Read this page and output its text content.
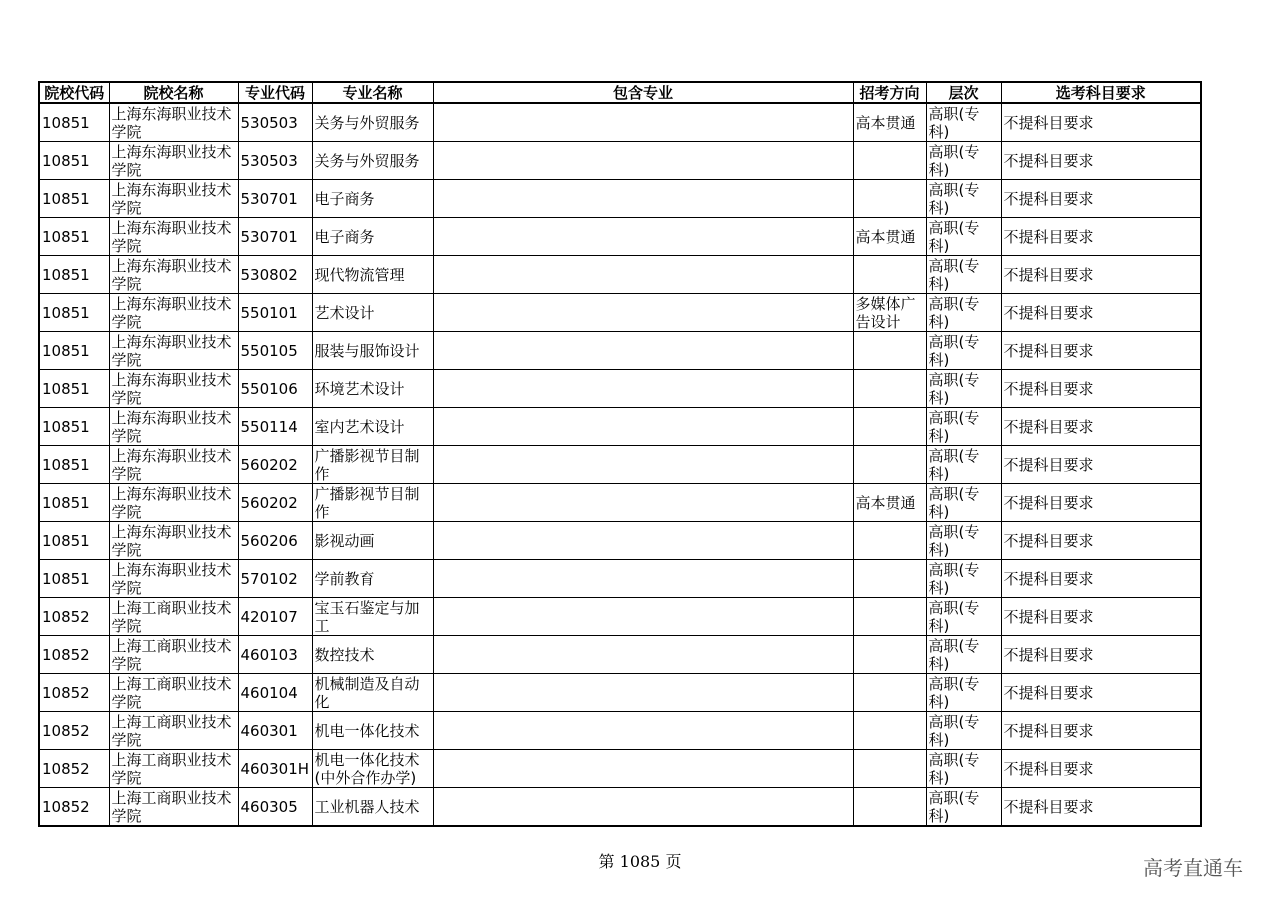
院校代码	院校名称	专业代码	专业名称	包含专业	招考方向	层次	选考科目要求
10851	上海东海职业技术学院	530503	关务与外贸服务		高本贯通	高职(专科)	不提科目要求
10851	上海东海职业技术学院	530503	关务与外贸服务			高职(专科)	不提科目要求
10851	上海东海职业技术学院	530701	电子商务			高职(专科)	不提科目要求
10851	上海东海职业技术学院	530701	电子商务		高本贯通	高职(专科)	不提科目要求
10851	上海东海职业技术学院	530802	现代物流管理			高职(专科)	不提科目要求
10851	上海东海职业技术学院	550101	艺术设计		多媒体广告设计	高职(专科)	不提科目要求
10851	上海东海职业技术学院	550105	服装与服饰设计			高职(专科)	不提科目要求
10851	上海东海职业技术学院	550106	环境艺术设计			高职(专科)	不提科目要求
10851	上海东海职业技术学院	550114	室内艺术设计			高职(专科)	不提科目要求
10851	上海东海职业技术学院	560202	广播影视节目制作			高职(专科)	不提科目要求
10851	上海东海职业技术学院	560202	广播影视节目制作		高本贯通	高职(专科)	不提科目要求
10851	上海东海职业技术学院	560206	影视动画			高职(专科)	不提科目要求
10851	上海东海职业技术学院	570102	学前教育			高职(专科)	不提科目要求
10852	上海工商职业技术学院	420107	宝玉石鉴定与加工			高职(专科)	不提科目要求
10852	上海工商职业技术学院	460103	数控技术			高职(专科)	不提科目要求
10852	上海工商职业技术学院	460104	机械制造及自动化			高职(专科)	不提科目要求
10852	上海工商职业技术学院	460301	机电一体化技术			高职(专科)	不提科目要求
10852	上海工商职业技术学院	460301H	机电一体化技术(中外合作办学)			高职(专科)	不提科目要求
10852	上海工商职业技术学院	460305	工业机器人技术			高职(专科)	不提科目要求
第 1085 页	高考直通车
